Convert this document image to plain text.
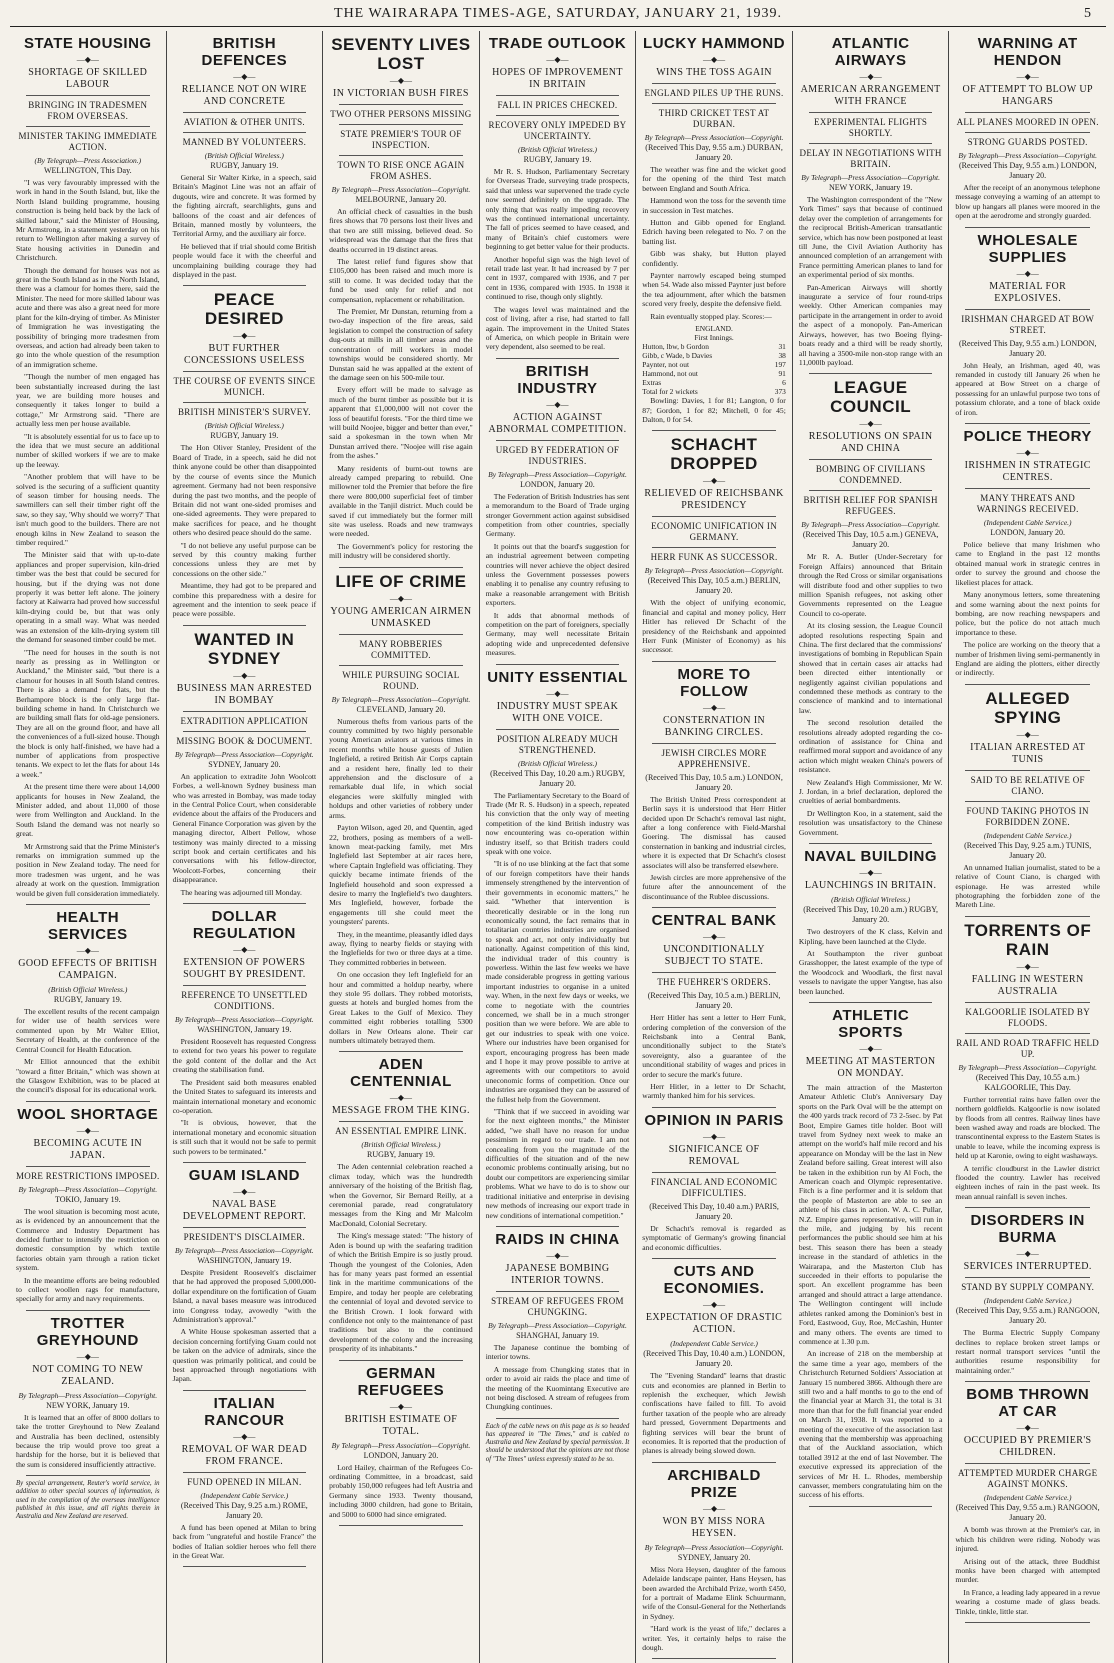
THE WAIRARAPA TIMES-AGE, SATURDAY, JANUARY 21, 1939.	5
STATE HOUSING
—◆—
SHORTAGE OF SKILLED LABOUR
BRINGING IN TRADESMEN FROM OVERSEAS.
MINISTER TAKING IMMEDIATE ACTION.
(By Telegraph—Press Association.)
WELLINGTON, This Day.

"I was very favourably impressed with the work in hand in the South Island, but, like the North Island building programme, housing construction is being held back by the lack of skilled labour," said the Minister of Housing, Mr Armstrong, in a statement yesterday on his return to Wellington after making a survey of State housing activities in Dunedin and Christchurch.

Though the demand for houses was not as great in the South Island as in the North Island, there was a clamour for homes there, said the Minister. The need for more skilled labour was acute and there was also a great need for more plant for the kiln-drying of timber. As Minister of Immigration he was investigating the possibility of bringing more tradesmen from overseas, and action had already been taken to go into the whole question of the resumption of an immigration scheme.

"Though the number of men engaged has been substantially increased during the last year, we are building more houses and consequently it takes longer to build a cottage," Mr Armstrong said. "There are actually less men per house available.

"It is absolutely essential for us to face up to the idea that we must secure an additional number of skilled workers if we are to make up the leeway.

"Another problem that will have to be solved is the securing of a sufficient quantity of season timber for housing needs. The sawmillers can sell their timber right off the saw, so they say, 'Why should we worry?' That isn't much good to the builders. There are not enough kilns in New Zealand to season the timber required."

The Minister said that with up-to-date appliances and proper supervision, kiln-dried timber was the best that could be secured for housing, but if the drying was not done properly it was better left alone. The joinery factory at Kaiwarra had proved how successful kiln-drying could be, but that was only operating in a small way. What was needed was an extension of the kiln-drying system till the demand for seasoned timber could be met.

"The need for houses in the south is not nearly as pressing as in Wellington or Auckland," the Minister said, "but there is a clamour for houses in all South Island centres. There is also a demand for flats, but the Berhampore block is the only large flat-building scheme in hand. In Christchurch we are building small flats for old-age pensioners. They are all on the ground floor, and have all the conveniences of a full-sized house. Though the block is only half-finished, we have had a number of applications from prospective tenants. We expect to let the flats for about 14s a week."

At the present time there were about 14,000 applicants for houses in New Zealand, the Minister added, and about 11,000 of those were from Wellington and Auckland. In the South Island the demand was not nearly so great.

Mr Armstrong said that the Prime Minister's remarks on immigration summed up the position in New Zealand today. The need for more tradesmen was urgent, and he was already at work on the question. Immigration would be given full consideration immediately.

HEALTH SERVICES
—◆—
GOOD EFFECTS OF BRITISH CAMPAIGN.
(British Official Wireless.)
RUGBY, January 19.

The excellent results of the recent campaign for wider use of health services were commented upon by Mr Walter Elliot, Secretary of Health, at the conference of the Central Council for Health Education.

Mr Elliot announced that the exhibit "toward a fitter Britain," which was shown at the Glasgow Exhibition, was to be placed at the council's disposal for its educational work.

WOOL SHORTAGE
—◆—
BECOMING ACUTE IN JAPAN.
MORE RESTRICTIONS IMPOSED.
By Telegraph—Press Association—Copyright.
TOKIO, January 19.

The wool situation is becoming most acute, as is evidenced by an announcement that the Commerce and Industry Department has decided further to intensify the restriction on domestic consumption by which textile factories obtain yarn through a ration ticket system.

In the meantime efforts are being redoubled to collect woollen rags for manufacture, specially for army and navy requirements.

TROTTER GREYHOUND
—◆—
NOT COMING TO NEW ZEALAND.
By Telegraph—Press Association—Copyright.
NEW YORK, January 19.

It is learned that an offer of 8000 dollars to take the trotter Greyhound to New Zealand and Australia has been declined, ostensibly because the trip would prove too great a hardship for the horse, but it is believed that the sum is considered insufficiently attractive.

By special arrangement, Reuter's world service, in addition to other special sources of information, is used in the compilation of the overseas intelligence published in this issue, and all rights therein in Australia and New Zealand are reserved.
BRITISH DEFENCES
—◆—
RELIANCE NOT ON WIRE AND CONCRETE
AVIATION & OTHER UNITS.
MANNED BY VOLUNTEERS.
(British Official Wireless.)
RUGBY, January 19.

General Sir Walter Kirke, in a speech, said Britain's Maginot Line was not an affair of dugouts, wire and concrete. It was formed by the fighting aircraft, searchlights, guns and balloons of the coast and air defences of Britain, manned mostly by volunteers, the Territorial Army, and the auxiliary air force.

He believed that if trial should come British people would face it with the cheerful and uncomplaining building courage they had displayed in the past.

PEACE DESIRED
—◆—
BUT FURTHER CONCESSIONS USELESS
THE COURSE OF EVENTS SINCE MUNICH.
BRITISH MINISTER'S SURVEY.
(British Official Wireless.)
RUGBY, January 19.

The Hon Oliver Stanley, President of the Board of Trade, in a speech, said he did not think anyone could be other than disappointed by the course of events since the Munich agreement. Germany had not been responsive during the past two months, and the people of Britain did not want one-sided promises and one-sided agreements. They were prepared to make sacrifices for peace, and he thought others who desired peace should do the same.

"I do not believe any useful purpose can be served by this country making further concessions unless they are met by concessions on the other side."

Meantime, they had got to be prepared and combine this preparedness with a desire for agreement and the intention to seek peace if peace were possible.

WANTED IN SYDNEY
—◆—
BUSINESS MAN ARRESTED IN BOMBAY
EXTRADITION APPLICATION
MISSING BOOK & DOCUMENT.
By Telegraph—Press Association—Copyright.
SYDNEY, January 20.

An application to extradite John Woolcott Forbes, a well-known Sydney business man who was arrested in Bombay, was made today in the Central Police Court, when considerable evidence about the affairs of the Producers and General Finance Corporation was given by the managing director, Albert Pellow, whose testimony was mainly directed to a missing script book and certain certificates and his conversations with his fellow-director, Woolcott-Forbes, concerning their disappearance.

The hearing was adjourned till Monday.

DOLLAR REGULATION
—◆—
EXTENSION OF POWERS SOUGHT BY PRESIDENT.
REFERENCE TO UNSETTLED CONDITIONS.
By Telegraph—Press Association—Copyright.
WASHINGTON, January 19.

President Roosevelt has requested Congress to extend for two years his power to regulate the gold content of the dollar and the Act creating the stabilisation fund.

The President said both measures enabled the United States to safeguard its interests and maintain international monetary and economic co-operation.

"It is obvious, however, that the international monetary and economic situation is still such that it would not be safe to permit such powers to be terminated."

GUAM ISLAND
—◆—
NAVAL BASE DEVELOPMENT REPORT.
PRESIDENT'S DISCLAIMER.
By Telegraph—Press Association—Copyright.
WASHINGTON, January 19.

Despite President Roosevelt's disclaimer that he had approved the proposed 5,000,000-dollar expenditure on the fortification of Guam Island, a naval bases measure was introduced into Congress today, avowedly "with the Administration's approval."

A White House spokesman asserted that a decision concerning fortifying Guam could not be taken on the advice of admirals, since the question was primarily political, and could be best approached through negotiations with Japan.

ITALIAN RANCOUR
—◆—
REMOVAL OF WAR DEAD FROM FRANCE.
FUND OPENED IN MILAN.
(Independent Cable Service.)
(Received This Day, 9.25 a.m.) ROME, January 20.

A fund has been opened at Milan to bring back from "ungrateful and hostile France" the bodies of Italian soldier heroes who fell there in the Great War.

SEVENTY LIVES LOST
—◆—
IN VICTORIAN BUSH FIRES
TWO OTHER PERSONS MISSING
STATE PREMIER'S TOUR OF INSPECTION.
TOWN TO RISE ONCE AGAIN FROM ASHES.
By Telegraph—Press Association—Copyright.
MELBOURNE, January 20.

An official check of casualties in the bush fires shows that 70 persons lost their lives and that two are still missing, believed dead. So widespread was the damage that the fires that deaths occurred in 19 distinct areas.

The latest relief fund figures show that £105,000 has been raised and much more is still to come. It was decided today that the fund be used only for relief and not compensation, replacement or rehabilitation.

The Premier, Mr Dunstan, returning from a two-day inspection of the fire areas, said legislation to compel the construction of safety dug-outs at mills in all timber areas and the concentration of mill workers in model townships would be considered shortly. Mr Dunstan said he was appalled at the extent of the damage seen on his 500-mile tour.

Every effort will be made to salvage as much of the burnt timber as possible but it is apparent that £1,000,000 will not cover the loss of beautiful forests. "For the third time we will build Noojee, bigger and better than ever," said a spokesman in the town when Mr Dunstan arrived there. "Noojee will rise again from the ashes."

Many residents of burnt-out towns are already camped preparing to rebuild. One millowner told the Premier that before the fire there were 800,000 superficial feet of timber available in the Tanjil district. Much could be saved if cut immediately but the former mill site was useless. Roads and new tramways were needed.

The Government's policy for restoring the mill industry will be considered shortly.

LIFE OF CRIME
—◆—
YOUNG AMERICAN AIRMEN UNMASKED
MANY ROBBERIES COMMITTED.
WHILE PURSUING SOCIAL ROUND.
By Telegraph—Press Association—Copyright.
CLEVELAND, January 20.

Numerous thefts from various parts of the country committed by two highly personable young American aviators at various times in recent months while house guests of Julien Inglefield, a retired British Air Corps captain and a resident here, finally led to their apprehension and the disclosure of a remarkable dual life, in which social elegancies were skilfully mingled with holdups and other varieties of robbery under arms.

Payton Wilson, aged 20, and Quentin, aged 22, brothers, posing as members of a well-known meat-packing family, met Mrs Inglefield last September at air races here, where Captain Inglefield was officiating. They quickly became intimate friends of the Inglefield household and soon expressed a desire to marry the Inglefield's two daughters. Mrs Inglefield, however, forbade the engagements till she could meet the youngsters' parents.

They, in the meantime, pleasantly idled days away, flying to nearby fields or staying with the Inglefields for two or three days at a time. They committed robberies in between.

On one occasion they left Inglefield for an hour and committed a holdup nearby, where they stole 95 dollars. They robbed motorists, guests at hotels and burgled homes from the Great Lakes to the Gulf of Mexico. They committed eight robberies totalling 5300 dollars in New Orleans alone. Their car numbers ultimately betrayed them.

ADEN CENTENNIAL
—◆—
MESSAGE FROM THE KING.
AN ESSENTIAL EMPIRE LINK.
(British Official Wireless.)
RUGBY, January 19.

The Aden centennial celebration reached a climax today, which was the hundredth anniversary of the hoisting of the British flag, when the Governor, Sir Bernard Reilly, at a ceremonial parade, read congratulatory messages from the King and Mr Malcolm MacDonald, Colonial Secretary.

The King's message stated: "The history of Aden is bound up with the seafaring tradition of which the British Empire is so justly proud. Though the youngest of the Colonies, Aden has for many years past formed an essential link in the maritime communications of the Empire, and today her people are celebrating the centennial of loyal and devoted service to the British Crown. I look forward with confidence not only to the maintenance of past traditions but also to the continued development of the colony and the increasing prosperity of its inhabitants."

GERMAN REFUGEES
—◆—
BRITISH ESTIMATE OF TOTAL.
By Telegraph—Press Association—Copyright.
LONDON, January 20.

Lord Hailey, chairman of the Refugees Co-ordinating Committee, in a broadcast, said probably 150,000 refugees had left Austria and Germany since 1933. Twenty thousand, including 3000 children, had gone to Britain, and 5000 to 6000 had since emigrated.

TRADE OUTLOOK
—◆—
HOPES OF IMPROVEMENT IN BRITAIN
FALL IN PRICES CHECKED.
RECOVERY ONLY IMPEDED BY UNCERTAINTY.
(British Official Wireless.)
RUGBY, January 19.

Mr R. S. Hudson, Parliamentary Secretary for Overseas Trade, surveying trade prospects, said that unless war supervened the trade cycle now seemed definitely on the upgrade. The only thing that was really impeding recovery was the continued international uncertainty. The fall of prices seemed to have ceased, and many of Britain's chief customers were beginning to get better value for their products.

Another hopeful sign was the high level of retail trade last year. It had increased by 7 per cent in 1937, compared with 1936, and 7 per cent in 1936, compared with 1935. In 1938 it continued to rise, though only slightly.

The wages level was maintained and the cost of living, after a rise, had started to fall again. The improvement in the United States of America, on which people in Britain were very dependent, also seemed to be real.

BRITISH INDUSTRY
—◆—
ACTION AGAINST ABNORMAL COMPETITION.
URGED BY FEDERATION OF INDUSTRIES.
By Telegraph—Press Association—Copyright.
LONDON, January 20.

The Federation of British Industries has sent a memorandum to the Board of Trade urging stronger Government action against subsidised competition from other countries, specially Germany.

It points out that the board's suggestion for an industrial agreement between competing countries will never achieve the object desired unless the Government possesses powers enabling it to penalise any country refusing to make a reasonable arrangement with British exporters.

It adds that abnormal methods of competition on the part of foreigners, specially Germany, may well necessitate Britain adopting wide and unprecedented defensive measures.

UNITY ESSENTIAL
—◆—
INDUSTRY MUST SPEAK WITH ONE VOICE.
POSITION ALREADY MUCH STRENGTHENED.
(British Official Wireless.)
(Received This Day, 10.20 a.m.) RUGBY, January 20.

The Parliamentary Secretary to the Board of Trade (Mr R. S. Hudson) in a speech, repeated his conviction that the only way of meeting competition of the kind British industry was now encountering was co-operation within industry itself, so that British traders could speak with one voice.

"It is of no use blinking at the fact that some of our foreign competitors have their hands immensely strengthened by the intervention of their governments in economic matters," he said. "Whether that intervention is theoretically desirable or in the long run economically sound, the fact remains that in totalitarian countries industries are organised to speak and act, not only individually but nationally. Against competition of this kind, the individual trader of this country is powerless. Within the last few weeks we have made considerable progress in getting various important industries to organise in a united way. When, in the next few days or weeks, we come to negotiate with the countries concerned, we shall be in a much stronger position than we were before. We are able to get our industries to speak with one voice. Where our industries have been organised for export, encouraging progress has been made and I hope it may prove possible to arrive at agreements with our competitors to avoid uneconomic forms of competition. Once our industries are organised they can be assured of the fullest help from the Government.

"Think that if we succeed in avoiding war for the next eighteen months," the Minister added, "we shall have no reason for undue pessimism in regard to our trade. I am not concealing from you the magnitude of the difficulties of the situation and of the new economic problems continually arising, but no doubt our competitors are experiencing similar problems. What we have to do is to show our traditional initiative and enterprise in devising new methods of increasing our export trade in new conditions of international competition."

RAIDS IN CHINA
—◆—
JAPANESE BOMBING INTERIOR TOWNS.
STREAM OF REFUGEES FROM CHUNGKING.
By Telegraph—Press Association—Copyright.
SHANGHAI, January 19.

The Japanese continue the bombing of interior towns.

A message from Chungking states that in order to avoid air raids the place and time of the meeting of the Kuomintang Executive are not being disclosed. A stream of refugees from Chungking continues.

Each of the cable news on this page as is so headed has appeared in "The Times," and is cabled to Australia and New Zealand by special permission. It should be understood that the opinions are not those of "The Times" unless expressly stated to be so.
LUCKY HAMMOND
—◆—
WINS THE TOSS AGAIN
ENGLAND PILES UP THE RUNS.
THIRD CRICKET TEST AT DURBAN.
By Telegraph—Press Association—Copyright.
(Received This Day, 9.55 a.m.) DURBAN, January 20.

The weather was fine and the wicket good for the opening of the third Test match between England and South Africa.

Hammond won the toss for the seventh time in succession in Test matches.

Hutton and Gibb opened for England. Edrich having been relegated to No. 7 on the batting list.

Gibb was shaky, but Hutton played confidently.

Paynter narrowly escaped being stumped when 54. Wade also missed Paynter just before the tea adjournment, after which the batsmen scored very freely, despite the defensive field.

Rain eventually stopped play. Scores:—

ENGLAND.
First Innings.
Hutton, lbw, b Gordon	31
Gibb, c Wade, b Davies	38
Paynter, not out	197
Hammond, not out	91
Extras	6
Total for 2 wickets	373
Bowling: Davies, 1 for 81; Langton, 0 for 87; Gordon, 1 for 82; Mitchell, 0 for 45; Dalton, 0 for 54.
SCHACHT DROPPED
—◆—
RELIEVED OF REICHSBANK PRESIDENCY
ECONOMIC UNIFICATION IN GERMANY.
HERR FUNK AS SUCCESSOR.
By Telegraph—Press Association—Copyright.
(Received This Day, 10.5 a.m.) BERLIN, January 20.

With the object of unifying economic, financial and capital and money policy, Herr Hitler has relieved Dr Schacht of the presidency of the Reichsbank and appointed Herr Funk (Minister of Economy) as his successor.

MORE TO FOLLOW
—◆—
CONSTERNATION IN BANKING CIRCLES.
JEWISH CIRCLES MORE APPREHENSIVE.
(Received This Day, 10.5 a.m.) LONDON, January 20.

The British United Press correspondent at Berlin says it is understood that Herr Hitler decided upon Dr Schacht's removal last night, after a long conference with Field-Marshal Goering. The dismissal has caused consternation in banking and industrial circles, where it is expected that Dr Schacht's closest associates will also be transferred elsewhere.

Jewish circles are more apprehensive of the future after the announcement of the discontinuance of the Rublee discussions.

CENTRAL BANK
—◆—
UNCONDITIONALLY SUBJECT TO STATE.
THE FUEHRER'S ORDERS.
(Received This Day, 10.5 a.m.) BERLIN, January 20.

Herr Hitler has sent a letter to Herr Funk, ordering completion of the conversion of the Reichsbank into a Central Bank, unconditionally subject to the State's sovereignty, also a guarantee of the unconditional stability of wages and prices in order to secure the mark's future.

Herr Hitler, in a letter to Dr Schacht, warmly thanked him for his services.

OPINION IN PARIS
—◆—
SIGNIFICANCE OF REMOVAL
FINANCIAL AND ECONOMIC DIFFICULTIES.
(Received This Day, 10.40 a.m.) PARIS, January 20.

Dr Schacht's removal is regarded as symptomatic of Germany's growing financial and economic difficulties.

CUTS AND ECONOMIES.
—◆—
EXPECTATION OF DRASTIC ACTION.
(Independent Cable Service.)
(Received This Day, 10.40 a.m.) LONDON, January 20.

The "Evening Standard" learns that drastic cuts and economies are planned in Berlin to replenish the exchequer, which Jewish confiscations have failed to fill. To avoid further taxation of the people who are already hard pressed, Government Departments and fighting services will bear the brunt of economies. It is reported that the production of planes is already being slowed down.

ARCHIBALD PRIZE
—◆—
WON BY MISS NORA HEYSEN.
By Telegraph—Press Association—Copyright.
SYDNEY, January 20.

Miss Nora Heysen, daughter of the famous Adelaide landscape painter, Hans Heysen, has been awarded the Archibald Prize, worth £450, for a portrait of Madame Elink Schuurmann, wife of the Consul-General for the Netherlands in Sydney.

"Hard work is the yeast of life," declares a writer. Yes, it certainly helps to raise the dough.

ATLANTIC AIRWAYS
—◆—
AMERICAN ARRANGEMENT WITH FRANCE
EXPERIMENTAL FLIGHTS SHORTLY.
DELAY IN NEGOTIATIONS WITH BRITAIN.
By Telegraph—Press Association—Copyright.
NEW YORK, January 19.

The Washington correspondent of the "New York Times" says that because of continued delay over the completion of arrangements for the reciprocal British-American transatlantic service, which has now been postponed at least till June, the Civil Aviation Authority has announced completion of an arrangement with France permitting American planes to land for an experimental period of six months.

Pan-American Airways will shortly inaugurate a service of four round-trips weekly. Other American companies may participate in the arrangement in order to avoid the aspect of a monopoly. Pan-American Airways, however, has two Boeing flying-boats ready and a third will be ready shortly, all having a 3500-mile non-stop range with an 11,000lb payload.

LEAGUE COUNCIL
—◆—
RESOLUTIONS ON SPAIN AND CHINA
BOMBING OF CIVILIANS CONDEMNED.
BRITISH RELIEF FOR SPANISH REFUGEES.
By Telegraph—Press Association—Copyright.
(Received This Day, 10.5 a.m.) GENEVA, January 20.

Mr R. A. Butler (Under-Secretary for Foreign Affairs) announced that Britain through the Red Cross or similar organisations will distribute food and other supplies to two million Spanish refugees, not asking other Governments represented on the League Council to co-operate.

At its closing session, the League Council adopted resolutions respecting Spain and China. The first declared that the commissions' investigations of bombing in Republican Spain showed that in certain cases air attacks had been directed either intentionally or negligently against civilian populations and condemned these methods as contrary to the conscience of mankind and to international law.

The second resolution detailed the resolutions already adopted regarding the co-ordination of assistance for China and reaffirmed moral support and avoidance of any action which might weaken China's powers of resistance.

New Zealand's High Commissioner, Mr W. J. Jordan, in a brief declaration, deplored the cruelties of aerial bombardments.

Dr Wellington Koo, in a statement, said the resolution was unsatisfactory to the Chinese Government.

NAVAL BUILDING
—◆—
LAUNCHINGS IN BRITAIN.
(British Official Wireless.)
(Received This Day, 10.20 a.m.) RUGBY, January 20.

Two destroyers of the K class, Kelvin and Kipling, have been launched at the Clyde.

At Southampton the river gunboat Grasshopper, the latest example of the type of the Woodcock and Woodlark, the first naval vessels to navigate the upper Yangtse, has also been launched.

ATHLETIC SPORTS
—◆—
MEETING AT MASTERTON ON MONDAY.

The main attraction of the Masterton Amateur Athletic Club's Anniversary Day sports on the Park Oval will be the attempt on the 400 yards track record of 73 2-5sec. by Pat Boot, Empire Games title holder. Boot will travel from Sydney next week to make an attempt on the world's half mile record and his appearance on Monday will be the last in New Zealand before sailing. Great interest will also be taken in the exhibition run by Al Foch, the American coach and Olympic representative. Fitch is a fine performer and it is seldom that the people of Masterton are able to see an athlete of his class in action. W. A. C. Pullar, N.Z. Empire games representative, will run in the mile, and judging by his recent performances the public should see him at his best. This season there has been a steady increase in the standard of athletics in the Wairarapa, and the Masterton Club has succeeded in their efforts to popularise the sport. An excellent programme has been arranged and should attract a large attendance. The Wellington contingent will include athletes ranked among the Dominion's best in Ford, Eastwood, Guy, Roe, McCashin, Hunter and many others. The events are timed to commence at 1.30 p.m.

An increase of 218 on the membership at the same time a year ago, members of the Christchurch Returned Soldiers' Association at January 15 numbered 3866. Although there are still two and a half months to go to the end of the financial year at March 31, the total is 31 more than that for the full financial year ended on March 31, 1938. It was reported to a meeting of the executive of the association last evening that the membership was approaching that of the Auckland association, which totalled 3912 at the end of last November. The executive expressed its appreciation of the services of Mr H. L. Rhodes, membership canvasser, members congratulating him on the success of his efforts.

WARNING AT HENDON
—◆—
OF ATTEMPT TO BLOW UP HANGARS
ALL PLANES MOORED IN OPEN.
STRONG GUARDS POSTED.
By Telegraph—Press Association—Copyright.
(Received This Day, 9.55 a.m.) LONDON, January 20.

After the receipt of an anonymous telephone message conveying a warning of an attempt to blow up hangars all planes were moored in the open at the aerodrome and strongly guarded.

WHOLESALE SUPPLIES
—◆—
MATERIAL FOR EXPLOSIVES.
IRISHMAN CHARGED AT BOW STREET.
(Received This Day, 9.55 a.m.) LONDON, January 20.

John Healy, an Irishman, aged 40, was remanded in custody till January 26 when he appeared at Bow Street on a charge of possessing for an unlawful purpose two tons of potassium chlorate, and a tone of black oxide of iron.

POLICE THEORY
—◆—
IRISHMEN IN STRATEGIC CENTRES.
MANY THREATS AND WARNINGS RECEIVED.
(Independent Cable Service.)
LONDON, January 20.

Police believe that many Irishmen who came to England in the past 12 months obtained manual work in strategic centres in order to survey the ground and choose the likeliest places for attack.

Many anonymous letters, some threatening and some warning about the next points for bombing, are now reaching newspapers and police, but the police do not attach much importance to these.

The police are working on the theory that a number of Irishmen living semi-permanently in England are aiding the plotters, either directly or indirectly.

ALLEGED SPYING
—◆—
ITALIAN ARRESTED AT TUNIS
SAID TO BE RELATIVE OF CIANO.
FOUND TAKING PHOTOS IN FORBIDDEN ZONE.
(Independent Cable Service.)
(Received This Day, 9.25 a.m.) TUNIS, January 20.

An unnamed Italian journalist, stated to be a relative of Count Ciano, is charged with espionage. He was arrested while photographing the forbidden zone of the Mareth Line.

TORRENTS OF RAIN
—◆—
FALLING IN WESTERN AUSTRALIA
KALGOORLIE ISOLATED BY FLOODS.
RAIL AND ROAD TRAFFIC HELD UP.
By Telegraph—Press Association—Copyright.
(Received This Day, 10.55 a.m.) KALGOORLIE, This Day.

Further torrential rains have fallen over the northern goldfields. Kalgoorlie is now isolated by floods from all centres. Railway lines have been washed away and roads are blocked. The transcontinental express to the Eastern States is unable to leave, while the incoming express is held up at Karonie, owing to eight washaways.

A terrific cloudburst in the Lawler district flooded the country. Lawler has received eighteen inches of rain in the past week. Its mean annual rainfall is seven inches.

DISORDERS IN BURMA
—◆—
SERVICES INTERRUPTED.
STAND BY SUPPLY COMPANY.
(Independent Cable Service.)
(Received This Day, 9.55 a.m.) RANGOON, January 20.

The Burma Electric Supply Company declines to replace broken street lamps or restart normal transport services "until the authorities resume responsibility for maintaining order."

BOMB THROWN AT CAR
—◆—
OCCUPIED BY PREMIER'S CHILDREN.
ATTEMPTED MURDER CHARGE AGAINST MONKS.
(Independent Cable Service.)
(Received This Day, 9.55 a.m.) RANGOON, January 20.

A bomb was thrown at the Premier's car, in which his children were riding. Nobody was injured.

Arising out of the attack, three Buddhist monks have been charged with attempted murder.

In France, a leading lady appeared in a revue wearing a costume made of glass beads. Tinkle, tinkle, little star.
